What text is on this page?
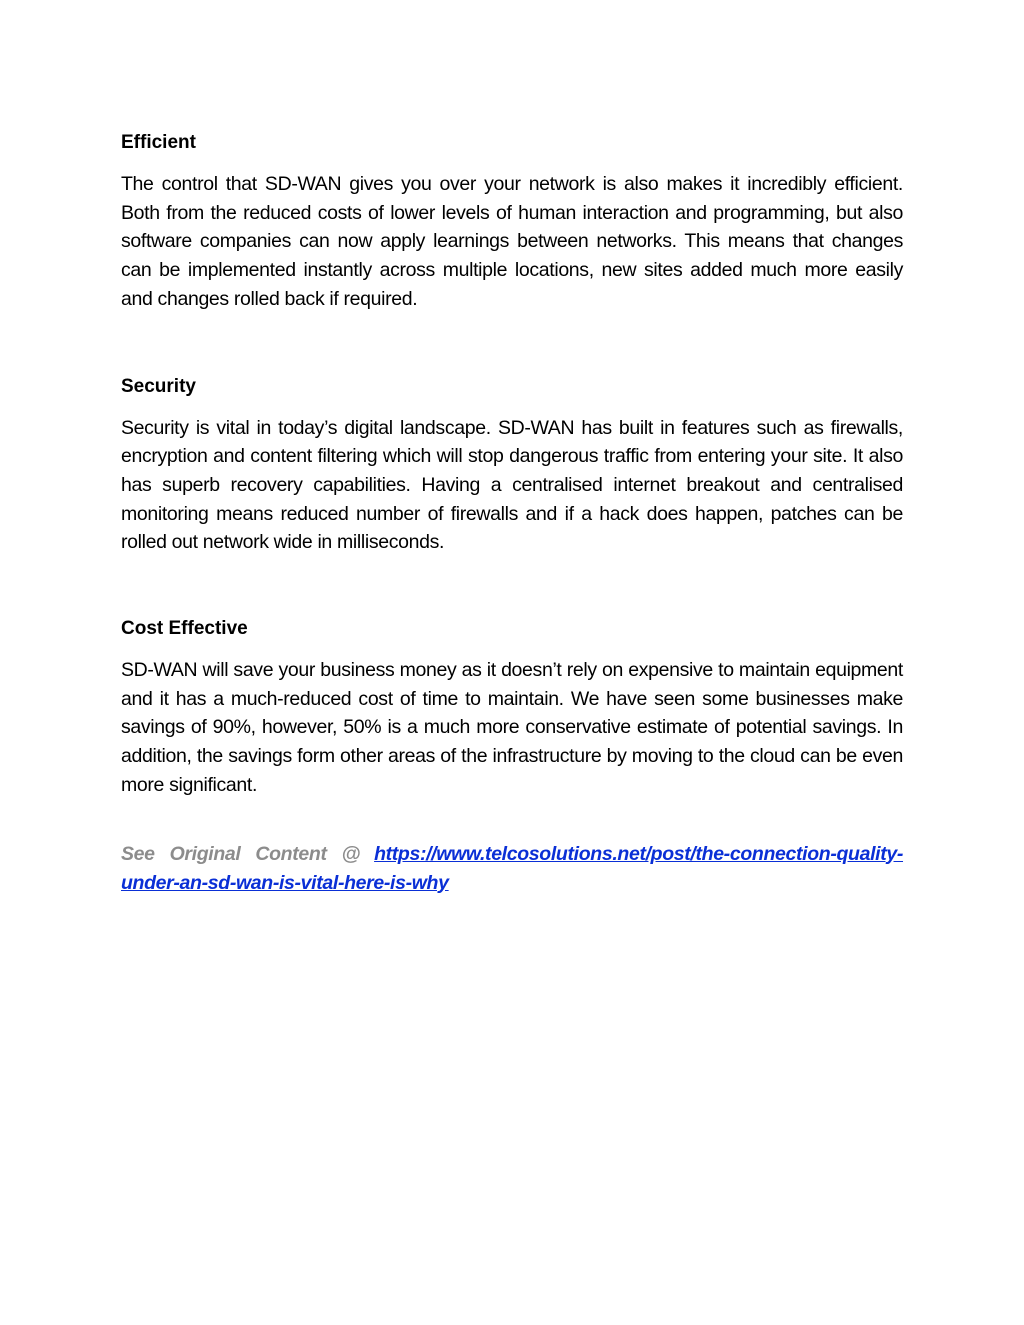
Efficient

The control that SD-WAN gives you over your network is also makes it incredibly efficient. Both from the reduced costs of lower levels of human interaction and programming, but also software companies can now apply learnings between networks. This means that changes can be implemented instantly across multiple locations, new sites added much more easily and changes rolled back if required.

Security

Security is vital in today’s digital landscape. SD-WAN has built in features such as firewalls, encryption and content filtering which will stop dangerous traffic from entering your site. It also has superb recovery capabilities. Having a centralised internet breakout and centralised monitoring means reduced number of firewalls and if a hack does happen, patches can be rolled out network wide in milliseconds.

Cost Effective

SD-WAN will save your business money as it doesn’t rely on expensive to maintain equipment and it has a much-reduced cost of time to maintain. We have seen some businesses make savings of 90%, however, 50% is a much more conservative estimate of potential savings. In addition, the savings form other areas of the infrastructure by moving to the cloud can be even more significant.

See Original Content @ https://www.telcosolutions.net/post/the-connection-quality-under-an-sd-wan-is-vital-here-is-why
